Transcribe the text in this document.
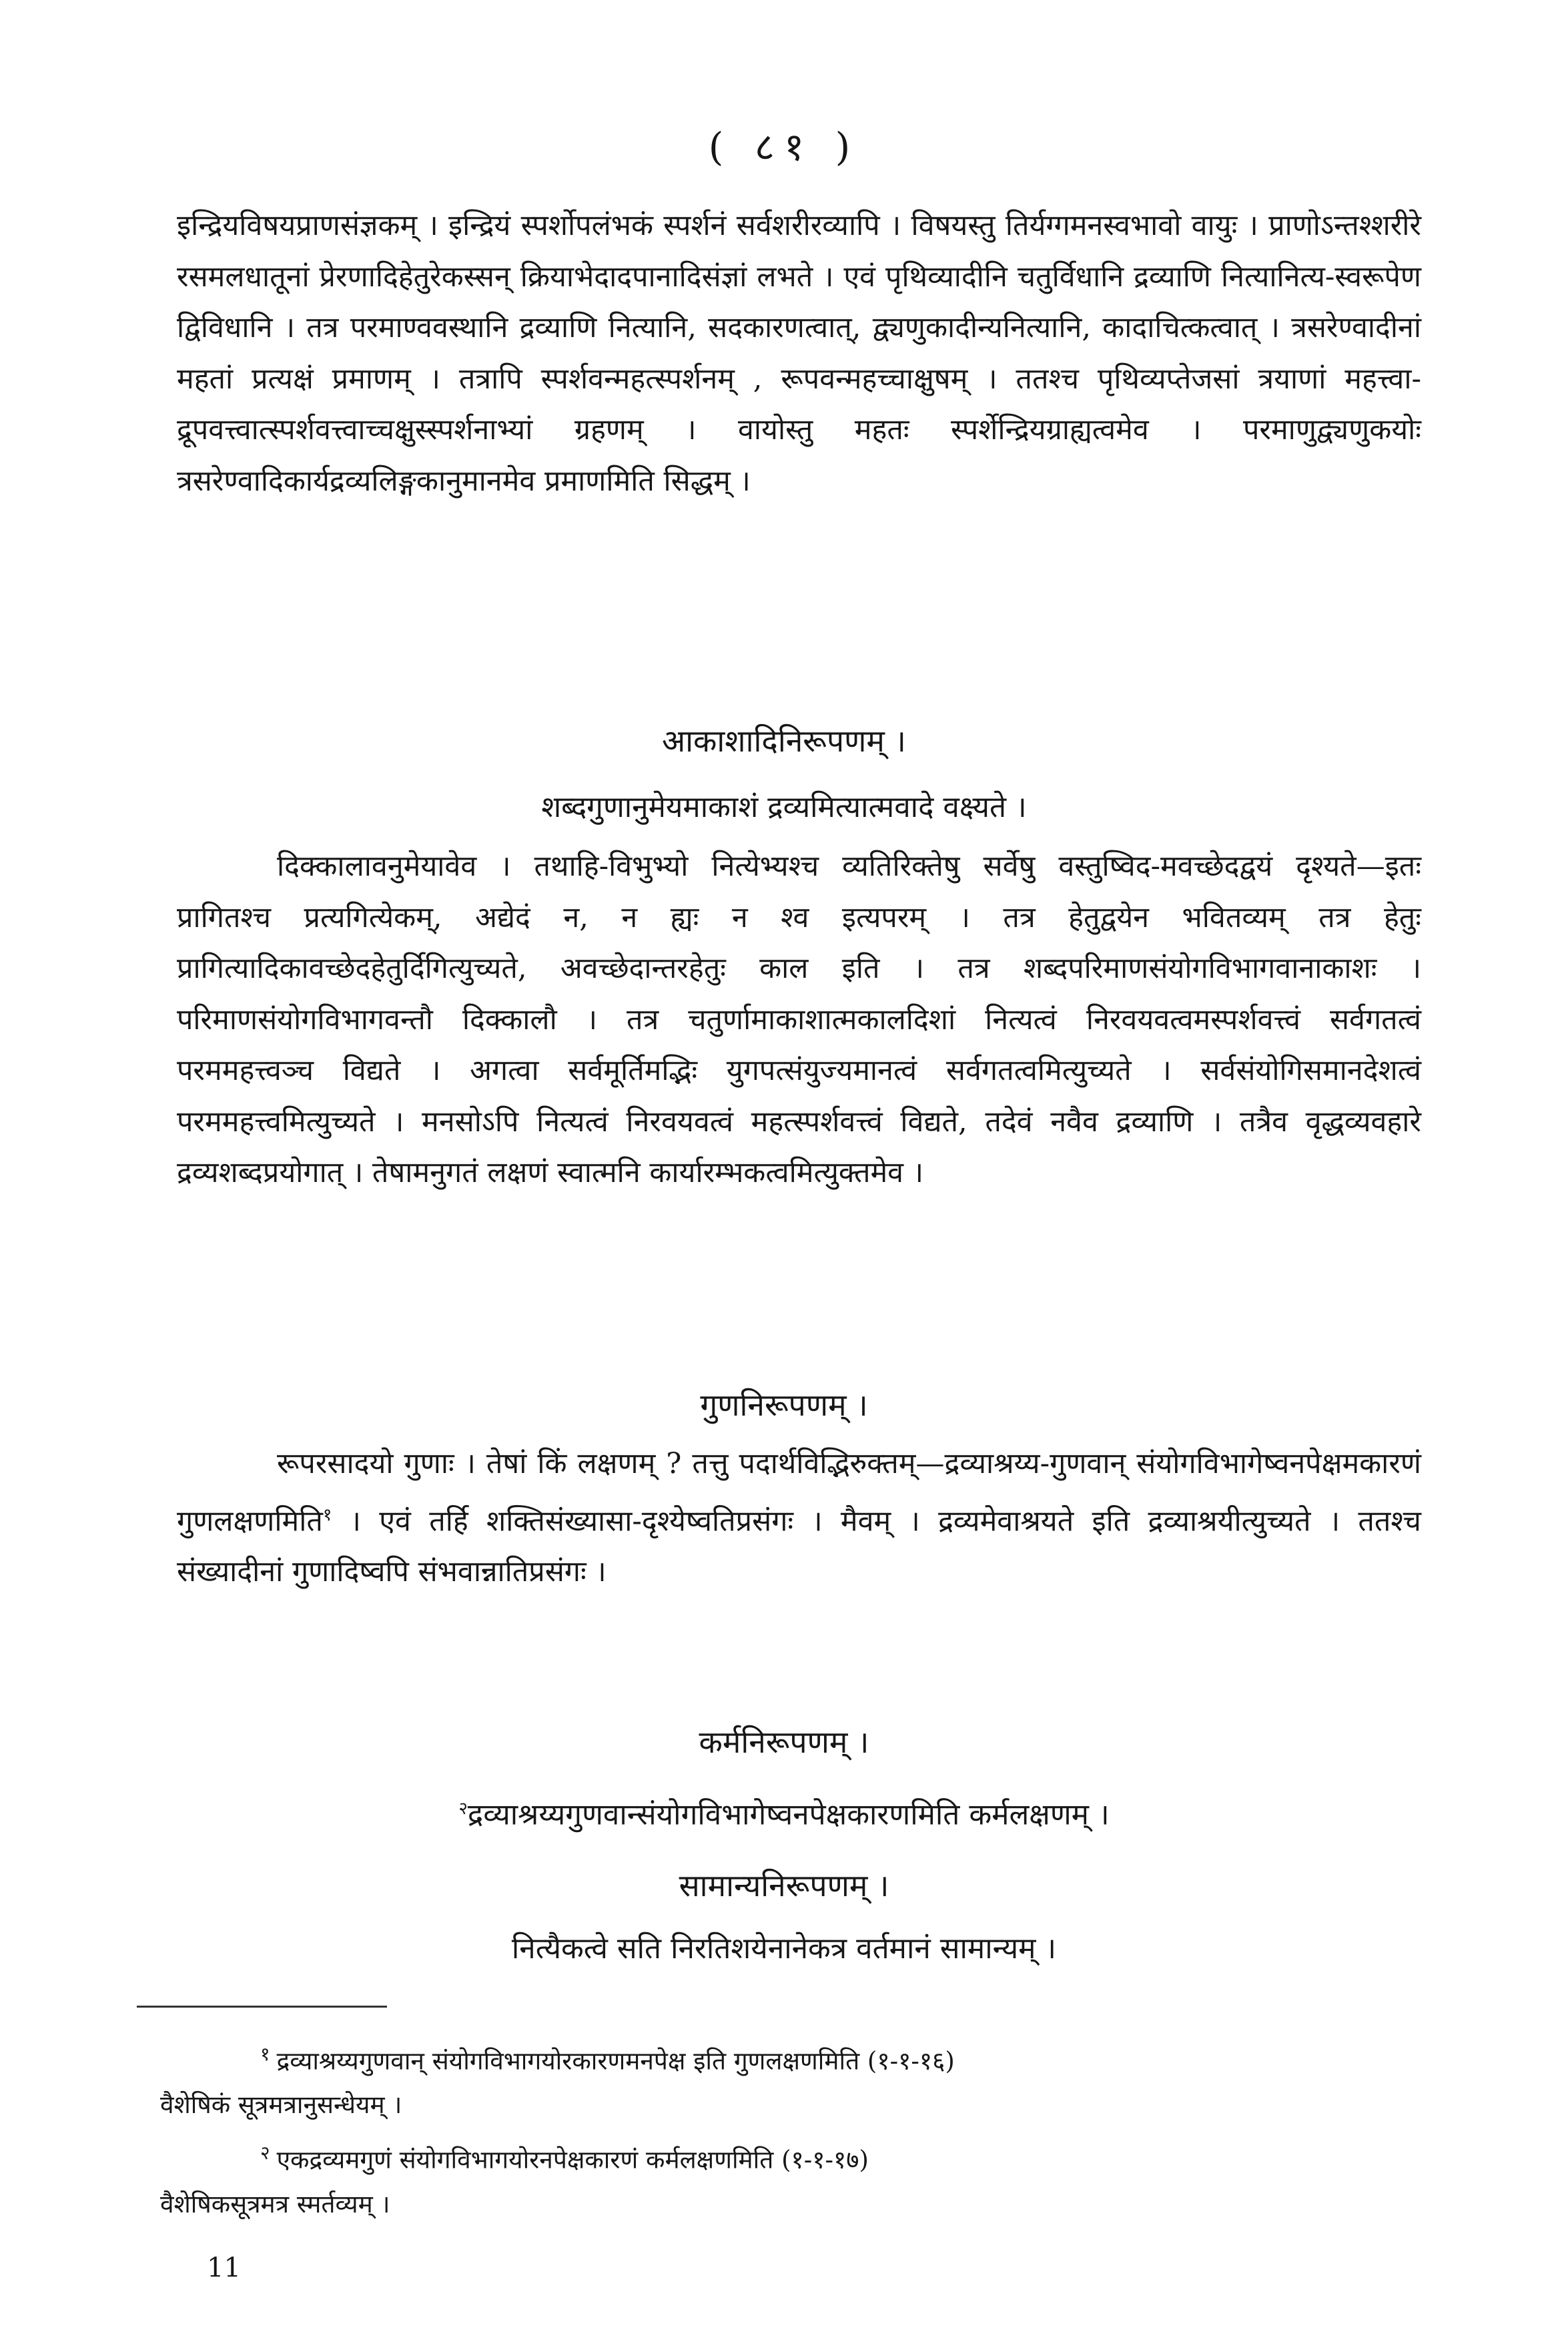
( ८१ )
इन्द्रियविषयप्राणसंज्ञकम् । इन्द्रियं स्पर्शोपलंभकं स्पर्शनं सर्वशरीरव्यापि । विषयस्तु तिर्यग्गमनस्वभावो वायुः । प्राणोऽन्तश्शरीरे रसमलधातूनां प्रेरणादिहेतुरेकस्सन् क्रियाभेदादपानादिसंज्ञां लभते । एवं पृथिव्यादीनि चतुर्विधानि द्रव्याणि नित्यानित्य-स्वरूपेण द्विविधानि । तत्र परमाण्ववस्थानि द्रव्याणि नित्यानि, सदकारणत्वात्, द्व्यणुकादीन्यनित्यानि, कादाचित्कत्वात् । त्रसरेण्वादीनां महतां प्रत्यक्षं प्रमाणम् । तत्रापि स्पर्शवन्महत्स्पर्शनम् , रूपवन्महच्चाक्षुषम् । ततश्च पृथिव्यप्तेजसां त्रयाणां महत्त्वा-द्रूपवत्त्वात्स्पर्शवत्त्वाच्चक्षुस्स्पर्शनाभ्यां ग्रहणम् । वायोस्तु महतः स्पर्शेन्द्रियग्राह्यत्वमेव । परमाणुद्व्यणुकयोः त्रसरेण्वादिकार्यद्रव्यलिङ्गकानुमानमेव प्रमाणमिति सिद्धम् ।
आकाशादिनिरूपणम् ।
शब्दगुणानुमेयमाकाशं द्रव्यमित्यात्मवादे वक्ष्यते ।
दिक्कालावनुमेयावेव । तथाहि-विभुभ्यो नित्येभ्यश्च व्यतिरिक्तेषु सर्वेषु वस्तुष्विद-मवच्छेदद्वयं दृश्यते—इतः प्रागितश्च प्रत्यगित्येकम्, अद्येदं न, न ह्यः न श्व इत्यपरम् । तत्र हेतुद्वयेन भवितव्यम् तत्र हेतुः प्रागित्यादिकावच्छेदहेतुर्दिगित्युच्यते, अवच्छेदान्तरहेतुः काल इति । तत्र शब्दपरिमाणसंयोगविभागवानाकाशः । परिमाणसंयोगविभागवन्तौ दिक्कालौ । तत्र चतुर्णामाकाशात्मकालदिशां नित्यत्वं निरवयवत्वमस्पर्शवत्त्वं सर्वगतत्वं परममहत्त्वञ्च विद्यते । अगत्वा सर्वमूर्तिमद्भिः युगपत्संयुज्यमानत्वं सर्वगतत्वमित्युच्यते । सर्वसंयोगिसमानदेशत्वं परममहत्त्वमित्युच्यते । मनसोऽपि नित्यत्वं निरवयवत्वं महत्स्पर्शवत्त्वं विद्यते, तदेवं नवैव द्रव्याणि । तत्रैव वृद्धव्यवहारे द्रव्यशब्दप्रयोगात् । तेषामनुगतं लक्षणं स्वात्मनि कार्यारम्भकत्वमित्युक्तमेव ।
गुणनिरूपणम् ।
रूपरसादयो गुणाः । तेषां किं लक्षणम् ? तत्तु पदार्थविद्भिरुक्तम्—द्रव्याश्रय्य-गुणवान् संयोगविभागेष्वनपेक्षमकारणं गुणलक्षणमिति$^१$ । एवं तर्हि शक्तिसंख्यासा-दृश्येष्वतिप्रसंगः । मैवम् । द्रव्यमेवाश्रयते इति द्रव्याश्रयीत्युच्यते । ततश्च संख्यादीनां गुणादिष्वपि संभवान्नातिप्रसंगः ।
कर्मनिरूपणम् ।
$^२$द्रव्याश्रय्यगुणवान्संयोगविभागेष्वनपेक्षकारणमिति कर्मलक्षणम् ।
सामान्यनिरूपणम् ।
नित्यैकत्वे सति निरतिशयेनानेकत्र वर्तमानं सामान्यम् ।
$^१$ द्रव्याश्रय्यगुणवान् संयोगविभागयोरकारणमनपेक्ष इति गुणलक्षणमिति (१-१-१६)
वैशेषिकं सूत्रमत्रानुसन्धेयम् ।
$^२$ एकद्रव्यमगुणं संयोगविभागयोरनपेक्षकारणं कर्मलक्षणमिति (१-१-१७)
वैशेषिकसूत्रमत्र स्मर्तव्यम् ।
11
